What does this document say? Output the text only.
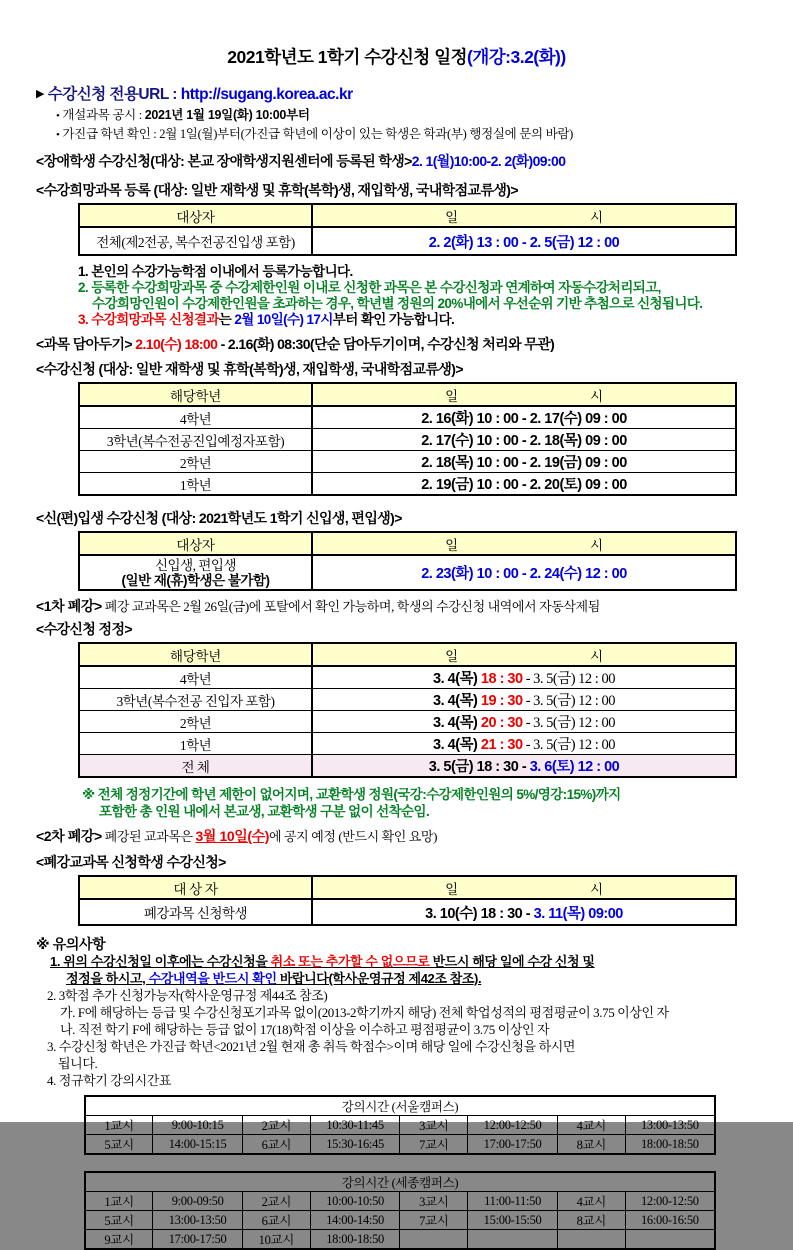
2021학년도 1학기 수강신청 일정(개강:3.2(화))
▶ 수강신청 전용URL : http://sugang.korea.ac.kr
• 개설과목 공시 : 2021년 1월 19일(화) 10:00부터
• 가진급 학년 확인 : 2월 1일(월)부터(가진급 학년에 이상이 있는 학생은 학과(부) 행정실에 문의 바람)
<장애학생 수강신청(대상: 본교 장애학생지원센터에 등록된 학생>2. 1(월)10:00-2. 2(화)09:00
<수강희망과목 등록 (대상: 일반 재학생 및 휴학(복학)생, 재입학생, 국내학점교류생)>
대상자	일 시

전체(제2전공, 복수전공진입생 포함)	2. 2(화) 13 : 00 - 2. 5(금) 12 : 00
1. 본인의 수강가능학점 이내에서 등록가능합니다.
2. 등록한 수강희망과목 중 수강제한인원 이내로 신청한 과목은 본 수강신청과 연계하여 자동수강처리되고,
수강희망인원이 수강제한인원을 초과하는 경우, 학년별 정원의 20%내에서 우선순위 기반 추첨으로 신청됩니다.
3. 수강희망과목 신청결과는 2월 10일(수) 17시부터 확인 가능합니다.
<과목 담아두기> 2.10(수) 18:00 - 2.16(화) 08:30(단순 담아두기이며, 수강신청 처리와 무관)
<수강신청 (대상: 일반 재학생 및 휴학(복학)생, 재입학생, 국내학점교류생)>
해당학년	일 시

4학년	2. 16(화) 10 : 00 - 2. 17(수) 09 : 00
3학년(복수전공진입예정자포함)	2. 17(수) 10 : 00 - 2. 18(목) 09 : 00
2학년	2. 18(목) 10 : 00 - 2. 19(금) 09 : 00
1학년	2. 19(금) 10 : 00 - 2. 20(토) 09 : 00
<신(편)입생 수강신청 (대상: 2021학년도 1학기 신입생, 편입생)>
대상자	일 시

신입생, 편입생
(일반 재(휴)학생은 불가함)	2. 23(화) 10 : 00 - 2. 24(수) 12 : 00
<1차 폐강> 폐강 교과목은 2월 26일(금)에 포탈에서 확인 가능하며, 학생의 수강신청 내역에서 자동삭제됨
<수강신청 정정>
해당학년	일 시

4학년	3. 4(목) 18 : 30 - 3. 5(금) 12 : 00
3학년(복수전공 진입자 포함)	3. 4(목) 19 : 30 - 3. 5(금) 12 : 00
2학년	3. 4(목) 20 : 30 - 3. 5(금) 12 : 00
1학년	3. 4(목) 21 : 30 - 3. 5(금) 12 : 00
전 체	3. 5(금) 18 : 30 - 3. 6(토) 12 : 00
※ 전체 정정기간에 학년 제한이 없어지며, 교환학생 정원(국강:수강제한인원의 5%/영강:15%)까지
포함한 총 인원 내에서 본교생, 교환학생 구분 없이 선착순임.
<2차 폐강> 폐강된 교과목은 3월 10일(수)에 공지 예정 (반드시 확인 요망)
<폐강교과목 신청학생 수강신청>
대 상 자	일 시

폐강과목 신청학생	3. 10(수) 18 : 30 - 3. 11(목) 09:00
※ 유의사항
1. 위의 수강신청일 이후에는 수강신청을 취소 또는 추가할 수 없으므로 반드시 해당 일에 수강 신청 및
정정을 하시고, 수강내역을 반드시 확인 바랍니다(학사운영규정 제42조 참조).
2. 3학점 추가 신청가능자(학사운영규정 제44조 참조)
가. F에 해당하는 등급 및 수강신청포기과목 없이(2013-2학기까지 해당) 전체 학업성적의 평점평균이 3.75 이상인 자
나. 직전 학기 F에 해당하는 등급 없이 17(18)학점 이상을 이수하고 평점평균이 3.75 이상인 자
3. 수강신청 학년은 가진급 학년<2021년 2월 현재 총 취득 학점수>이며 해당 일에 수강신청을 하시면
됩니다.
4. 정규학기 강의시간표
강의시간 (서울캠퍼스)							
1교시	9:00-10:15	2교시	10:30-11:45	3교시	12:00-12:50	4교시	13:00-13:50
5교시	14:00-15:15	6교시	15:30-16:45	7교시	17:00-17:50	8교시	18:00-18:50
강의시간 (세종캠퍼스)							
1교시	9:00-09:50	2교시	10:00-10:50	3교시	11:00-11:50	4교시	12:00-12:50
5교시	13:00-13:50	6교시	14:00-14:50	7교시	15:00-15:50	8교시	16:00-16:50
9교시	17:00-17:50	10교시	18:00-18:50				
